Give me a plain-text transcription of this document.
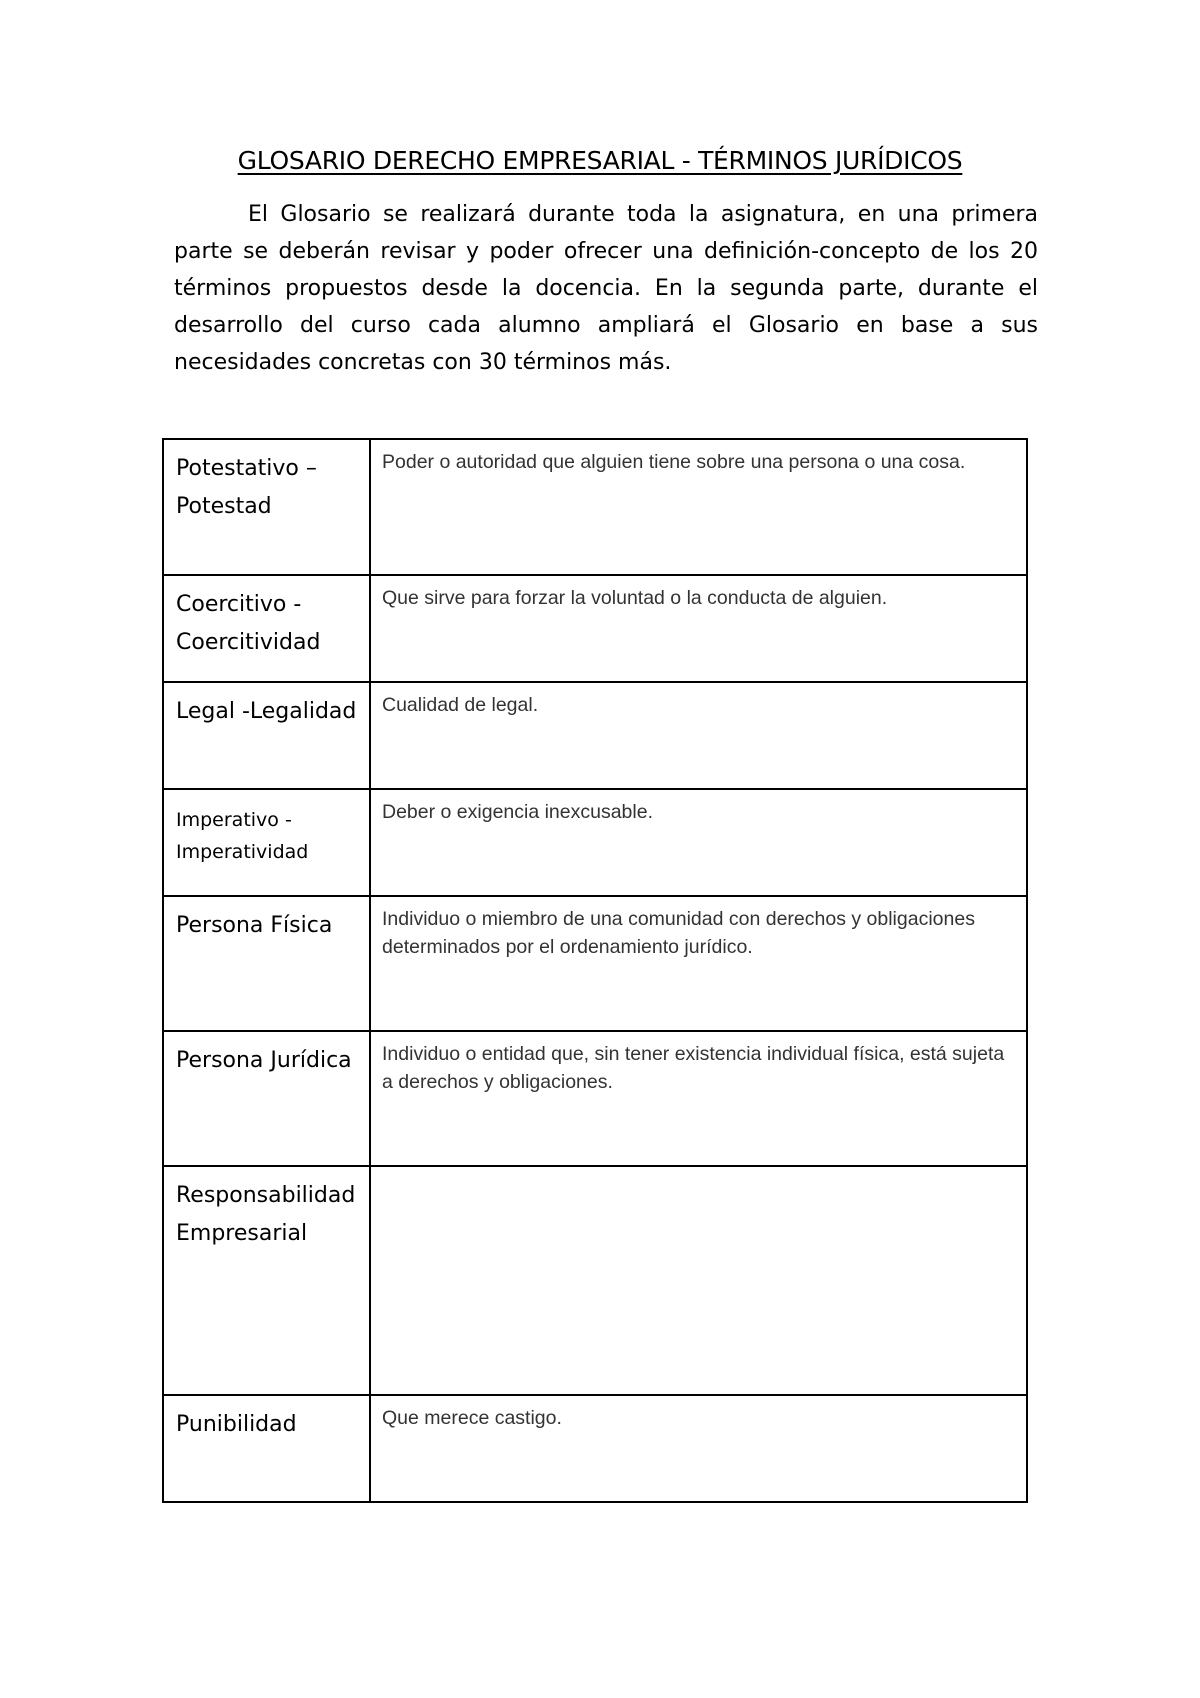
GLOSARIO DERECHO EMPRESARIAL - TÉRMINOS JURÍDICOS

El Glosario se realizará durante toda la asignatura, en una primera parte se deberán revisar y poder ofrecer una definición-concepto de los 20 términos propuestos desde la docencia. En la segunda parte, durante el desarrollo del curso cada alumno ampliará el Glosario en base a sus necesidades concretas con 30 términos más.

Potestativo – Potestad	Poder o autoridad que alguien tiene sobre una persona o una cosa.
Coercitivo - Coercitividad	Que sirve para forzar la voluntad o la conducta de alguien.
Legal -Legalidad	Cualidad de legal.
Imperativo - Imperatividad	Deber o exigencia inexcusable.
Persona Física	Individuo o miembro de una comunidad con derechos y obligaciones determinados por el ordenamiento jurídico.
Persona Jurídica	Individuo o entidad que, sin tener existencia individual física, está sujeta a derechos y obligaciones.
Responsabilidad Empresarial	
Punibilidad	Que merece castigo.
